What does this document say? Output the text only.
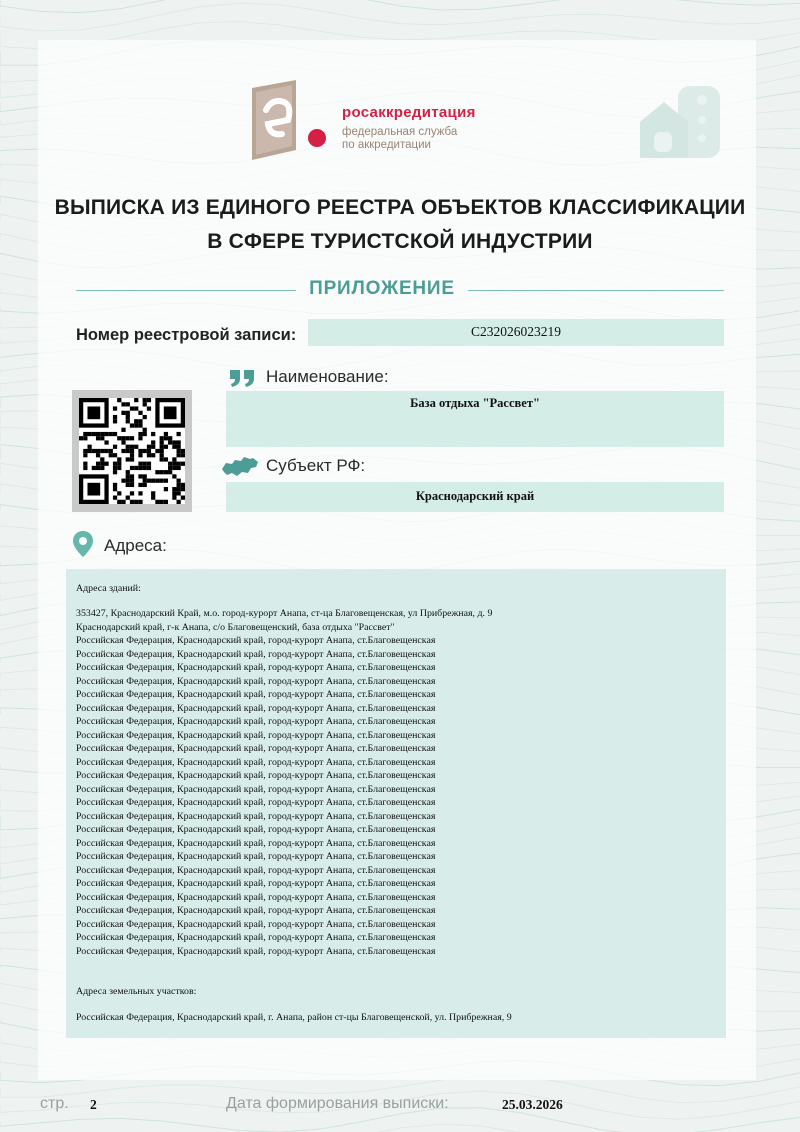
росаккредитация
федеральная служба
по аккредитации
ВЫПИСКА ИЗ ЕДИНОГО РЕЕСТРА ОБЪЕКТОВ КЛАССИФИКАЦИИ
В СФЕРЕ ТУРИСТСКОЙ ИНДУСТРИИ
ПРИЛОЖЕНИЕ
Номер реестровой записи:	С232026023219
Наименование:
База отдыха "Рассвет"
Субъект РФ:
Краснодарский край
Адреса:
Адреса зданий:
353427, Краснодарский Край, м.о. город-курорт Анапа, ст-ца Благовещенская, ул Прибрежная, д. 9
Краснодарский край, г-к Анапа, с/о Благовещенский, база отдыха "Рассвет"
Российская Федерация, Краснодарский край, город-курорт Анапа, ст.Благовещенская
Российская Федерация, Краснодарский край, город-курорт Анапа, ст.Благовещенская
Российская Федерация, Краснодарский край, город-курорт Анапа, ст.Благовещенская
Российская Федерация, Краснодарский край, город-курорт Анапа, ст.Благовещенская
Российская Федерация, Краснодарский край, город-курорт Анапа, ст.Благовещенская
Российская Федерация, Краснодарский край, город-курорт Анапа, ст.Благовещенская
Российская Федерация, Краснодарский край, город-курорт Анапа, ст.Благовещенская
Российская Федерация, Краснодарский край, город-курорт Анапа, ст.Благовещенская
Российская Федерация, Краснодарский край, город-курорт Анапа, ст.Благовещенская
Российская Федерация, Краснодарский край, город-курорт Анапа, ст.Благовещенская
Российская Федерация, Краснодарский край, город-курорт Анапа, ст.Благовещенская
Российская Федерация, Краснодарский край, город-курорт Анапа, ст.Благовещенская
Российская Федерация, Краснодарский край, город-курорт Анапа, ст.Благовещенская
Российская Федерация, Краснодарский край, город-курорт Анапа, ст.Благовещенская
Российская Федерация, Краснодарский край, город-курорт Анапа, ст.Благовещенская
Российская Федерация, Краснодарский край, город-курорт Анапа, ст.Благовещенская
Российская Федерация, Краснодарский край, город-курорт Анапа, ст.Благовещенская
Российская Федерация, Краснодарский край, город-курорт Анапа, ст.Благовещенская
Российская Федерация, Краснодарский край, город-курорт Анапа, ст.Благовещенская
Российская Федерация, Краснодарский край, город-курорт Анапа, ст.Благовещенская
Российская Федерация, Краснодарский край, город-курорт Анапа, ст.Благовещенская
Российская Федерация, Краснодарский край, город-курорт Анапа, ст.Благовещенская
Российская Федерация, Краснодарский край, город-курорт Анапа, ст.Благовещенская
Российская Федерация, Краснодарский край, город-курорт Анапа, ст.Благовещенская
Адреса земельных участков:
Российская Федерация, Краснодарский край, г. Анапа, район ст-цы Благовещенской, ул. Прибрежная, 9
стр. 2	Дата формирования выписки:	25.03.2026
